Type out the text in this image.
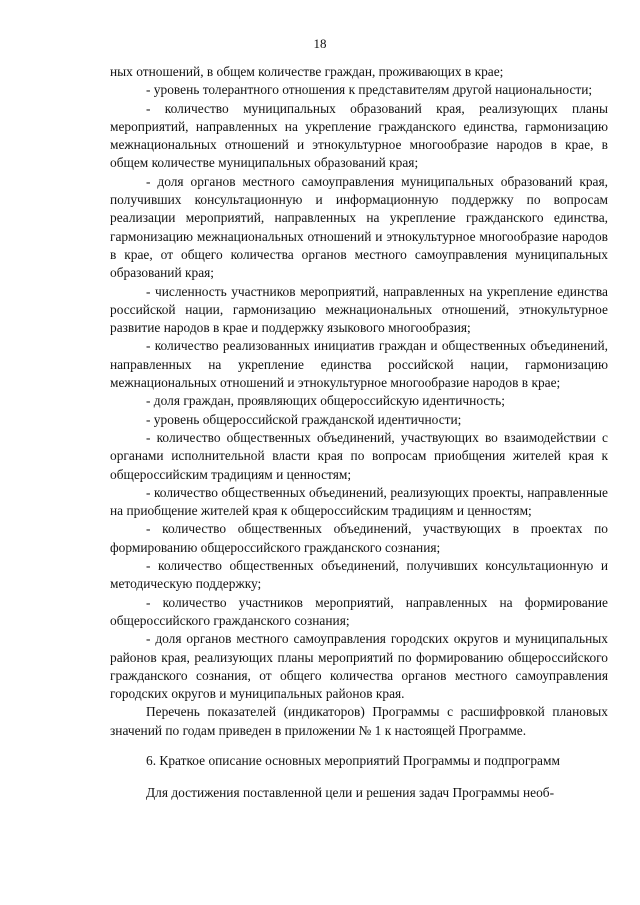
18

ных отношений, в общем количестве граждан, проживающих в крае;

- уровень толерантного отношения к представителям другой национальности;

- количество муниципальных образований края, реализующих планы мероприятий, направленных на укрепление гражданского единства, гармонизацию межнациональных отношений и этнокультурное многообразие народов в крае, в общем количестве муниципальных образований края;

- доля органов местного самоуправления муниципальных образований края, получивших консультационную и информационную поддержку по вопросам реализации мероприятий, направленных на укрепление гражданского единства, гармонизацию межнациональных отношений и этнокультурное многообразие народов в крае, от общего количества органов местного самоуправления муниципальных образований края;

- численность участников мероприятий, направленных на укрепление единства российской нации, гармонизацию межнациональных отношений, этнокультурное развитие народов в крае и поддержку языкового многообразия;

- количество реализованных инициатив граждан и общественных объединений, направленных на укрепление единства российской нации, гармонизацию межнациональных отношений и этнокультурное многообразие народов в крае;

- доля граждан, проявляющих общероссийскую идентичность;

- уровень общероссийской гражданской идентичности;

- количество общественных объединений, участвующих во взаимодействии с органами исполнительной власти края по вопросам приобщения жителей края к общероссийским традициям и ценностям;

- количество общественных объединений, реализующих проекты, направленные на приобщение жителей края к общероссийским традициям и ценностям;

- количество общественных объединений, участвующих в проектах по формированию общероссийского гражданского сознания;

- количество общественных объединений, получивших консультационную и методическую поддержку;

- количество участников мероприятий, направленных на формирование общероссийского гражданского сознания;

- доля органов местного самоуправления городских округов и муниципальных районов края, реализующих планы мероприятий по формированию общероссийского гражданского сознания, от общего количества органов местного самоуправления городских округов и муниципальных районов края.

Перечень показателей (индикаторов) Программы с расшифровкой плановых значений по годам приведен в приложении № 1 к настоящей Программе.

6. Краткое описание основных мероприятий Программы и подпрограмм

Для достижения поставленной цели и решения задач Программы необ-
